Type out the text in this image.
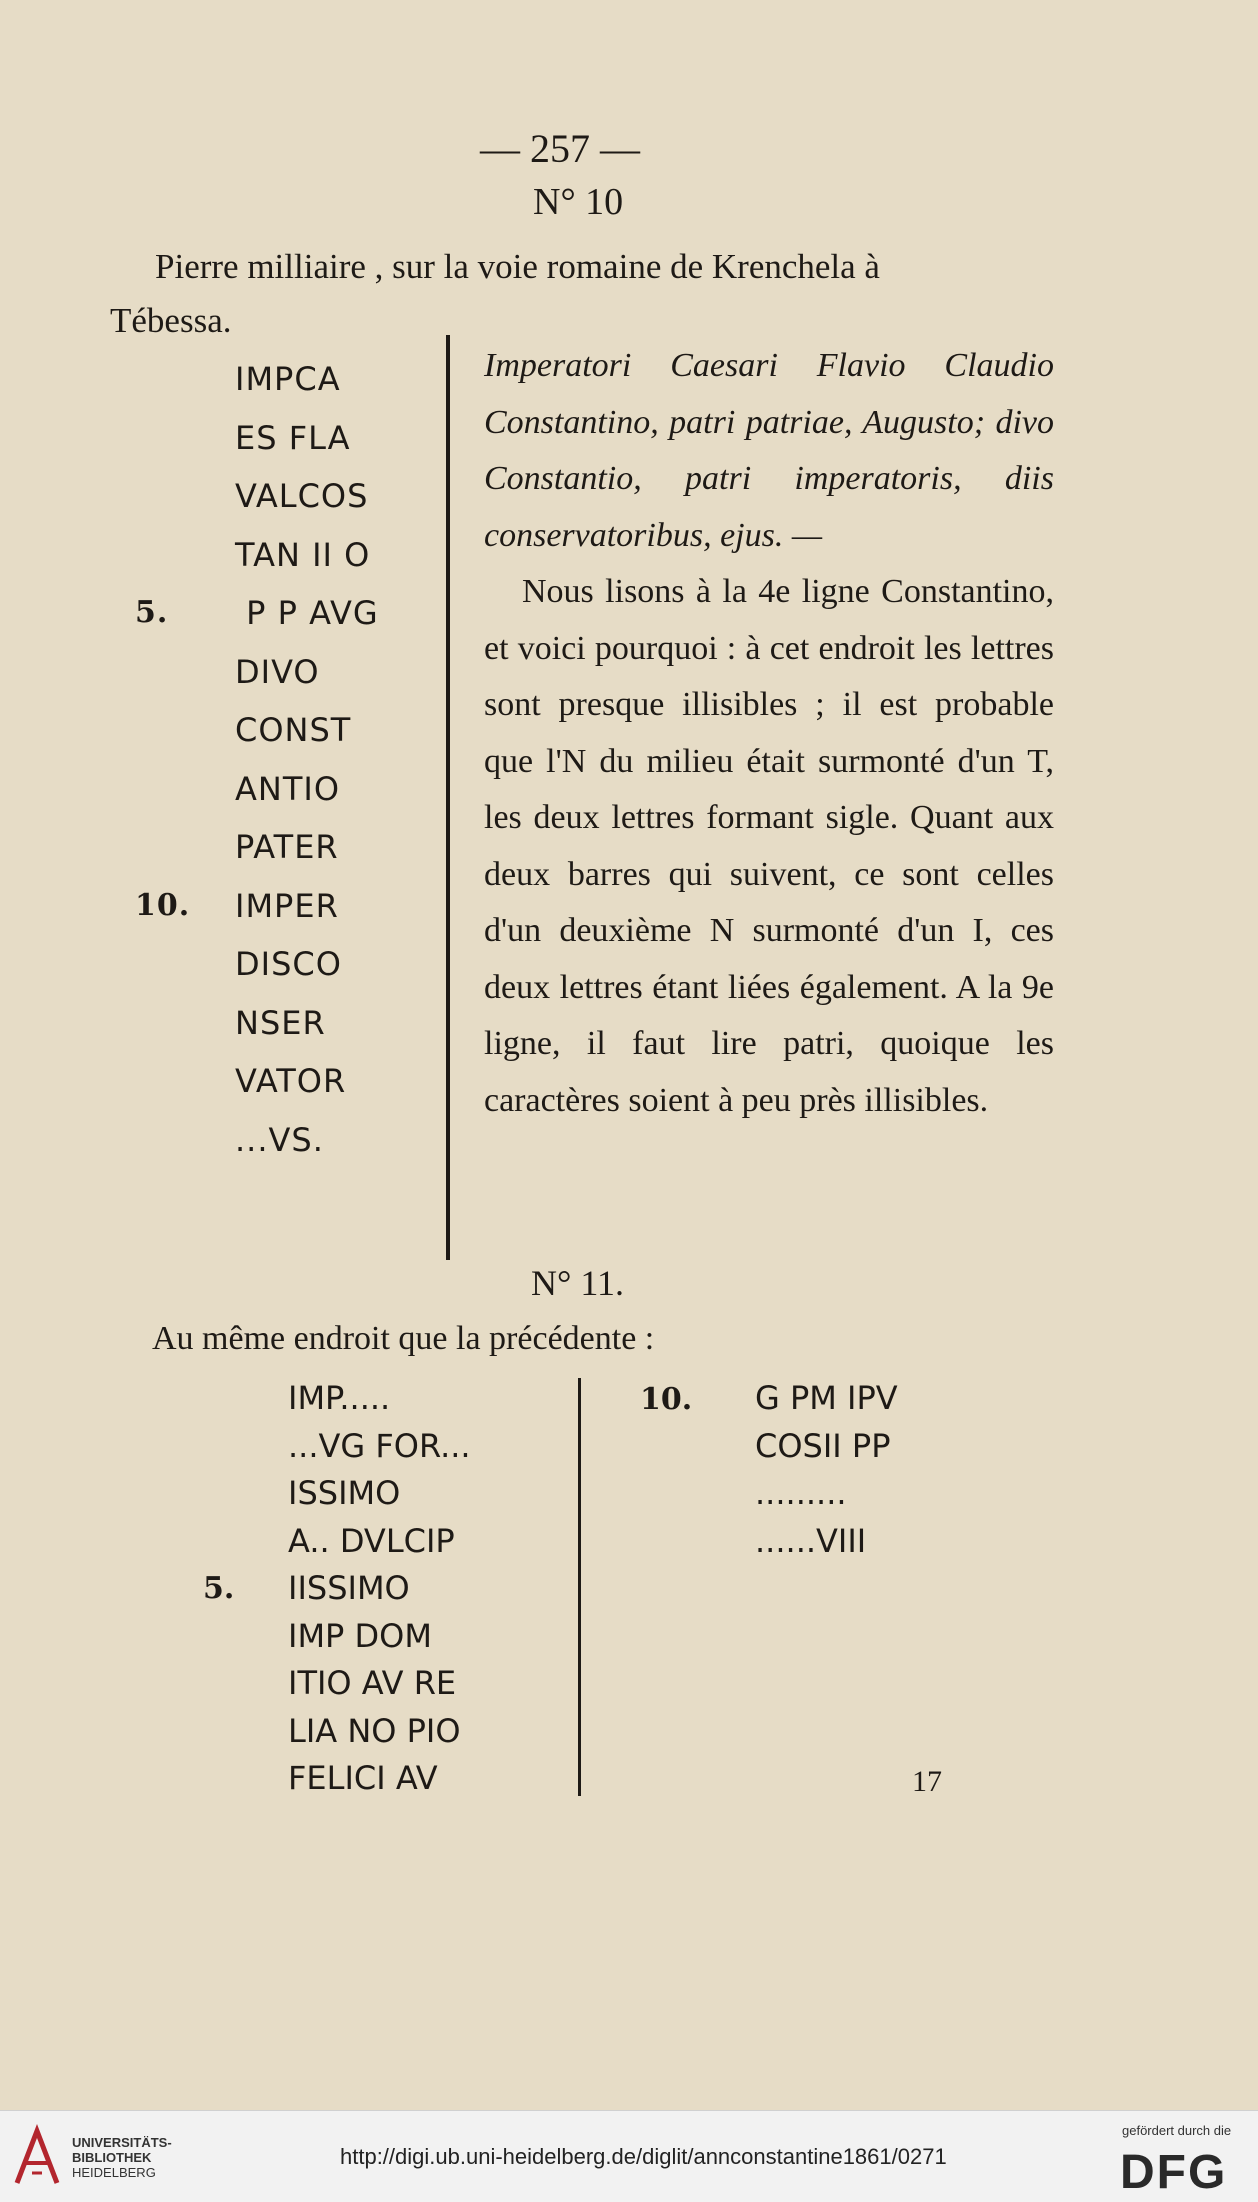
— 257 —
N° 10
Pierre milliaire , sur la voie romaine de Krenchela à
Tébessa.
IMPCA
ES FLA
VALCOS
TAN II O
5. P P AVG
DIVO
CONST
ANTIO
PATER
10. IMPER
DISCO
NSER
VATOR
...VS.

Imperatori Caesari Flavio Claudio Constantino, patri patriae, Augusto; divo Constantio, patri imperatoris, diis conservatoribus, ejus. —

Nous lisons à la 4e ligne Constantino, et voici pourquoi : à cet endroit les lettres sont presque illisibles ; il est probable que l'N du milieu était surmonté d'un T, les deux lettres formant sigle. Quant aux deux barres qui suivent, ce sont celles d'un deuxième N surmonté d'un I, ces deux lettres étant liées également. A la 9e ligne, il faut lire patri, quoique les caractères soient à peu près illisibles.

N° 11.
Au même endroit que la précédente :
IMP.....
...VG FOR...
ISSIMO
A.. DVLCIP
5. IISSIMO
IMP DOM
ITIO AV RE
LIA NO PIO
FELICI AV
10. G PM IPV
COSII PP
.........
......VIII
17
UNIVERSITÄTS-
BIBLIOTHEK
HEIDELBERG
http://digi.ub.uni-heidelberg.de/diglit/annconstantine1861/0271
gefördert durch die
DFG
